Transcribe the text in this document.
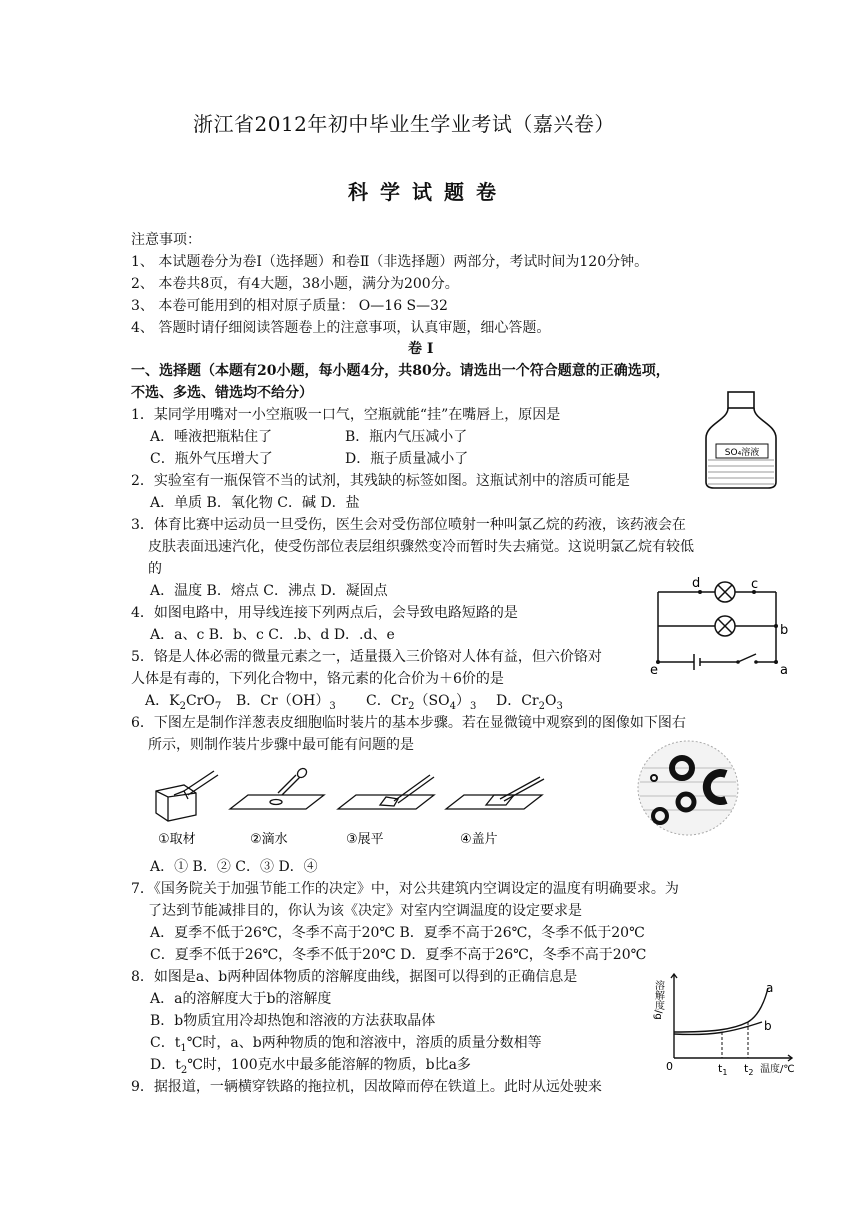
浙江省2012年初中毕业生学业考试（嘉兴卷）
科学试题卷
注意事项：
1、 本试题卷分为卷Ⅰ（选择题）和卷Ⅱ（非选择题）两部分，考试时间为120分钟。
2、 本卷共8页，有4大题，38小题，满分为200分。
3、 本卷可能用到的相对原子质量： O—16 S—32
4、 答题时请仔细阅读答题卷上的注意事项，认真审题，细心答题。
卷 Ⅰ
一、选择题（本题有20小题，每小题4分，共80分。请选出一个符合题意的正确选项，
不选、多选、错选均不给分）
1．某同学用嘴对一小空瓶吸一口气，空瓶就能“挂”在嘴唇上，原因是
A．唾液把瓶粘住了	B．瓶内气压减小了
C．瓶外气压增大了	D．瓶子质量减小了	SO₄溶液
2．实验室有一瓶保管不当的试剂，其残缺的标签如图。这瓶试剂中的溶质可能是
A．单质 B．氧化物 C．碱 D．盐
3．体育比赛中运动员一旦受伤，医生会对受伤部位喷射一种叫氯乙烷的药液，该药液会在
皮肤表面迅速汽化，使受伤部位表层组织骤然变冷而暂时失去痛觉。这说明氯乙烷有较低
的
A．温度 B．熔点 C．沸点 D．凝固点
a
b
c
d
e
4．如图电路中，用导线连接下列两点后，会导致电路短路的是
A．a、c B．b、c C．.b、d D．.d、e
5．铬是人体必需的微量元素之一，适量摄入三价铬对人体有益，但六价铬对
人体是有毒的，下列化合物中，铬元素的化合价为＋6价的是
A．$K_2CrO_7$ B．$Cr(OH)_3$ C．$Cr_2(SO_4)_3$ D．$Cr_2O_3$
6．下图左是制作洋葱表皮细胞临时装片的基本步骤。若在显微镜中观察到的图像如下图右
所示，则制作装片步骤中最可能有问题的是
①取材	②滴水	③展平	④盖片
A．① B．② C．③ D．④
7．《国务院关于加强节能工作的决定》中，对公共建筑内空调设定的温度有明确要求。为
了达到节能减排目的，你认为该《决定》对室内空调温度的设定要求是
A．夏季不低于26℃，冬季不高于20℃ B．夏季不高于26℃，冬季不低于20℃
C．夏季不低于26℃，冬季不低于20℃ D．夏季不高于26℃，冬季不高于20℃
8．如图是a、b两种固体物质的溶解度曲线，据图可以得到的正确信息是
A．a的溶解度大于b的溶解度
B．b物质宜用冷却热饱和溶液的方法获取晶体
C．$t_1℃$时，a、b两种物质的饱和溶液中，溶质的质量分数相等
D．$t_2℃$时，100克水中最多能溶解的物质，b比a多
溶解度/g
0	$t_1$ $t_2$ 温度/℃
a
b
9．据报道，一辆横穿铁路的拖拉机，因故障而停在铁道上。此时从远处驶来
